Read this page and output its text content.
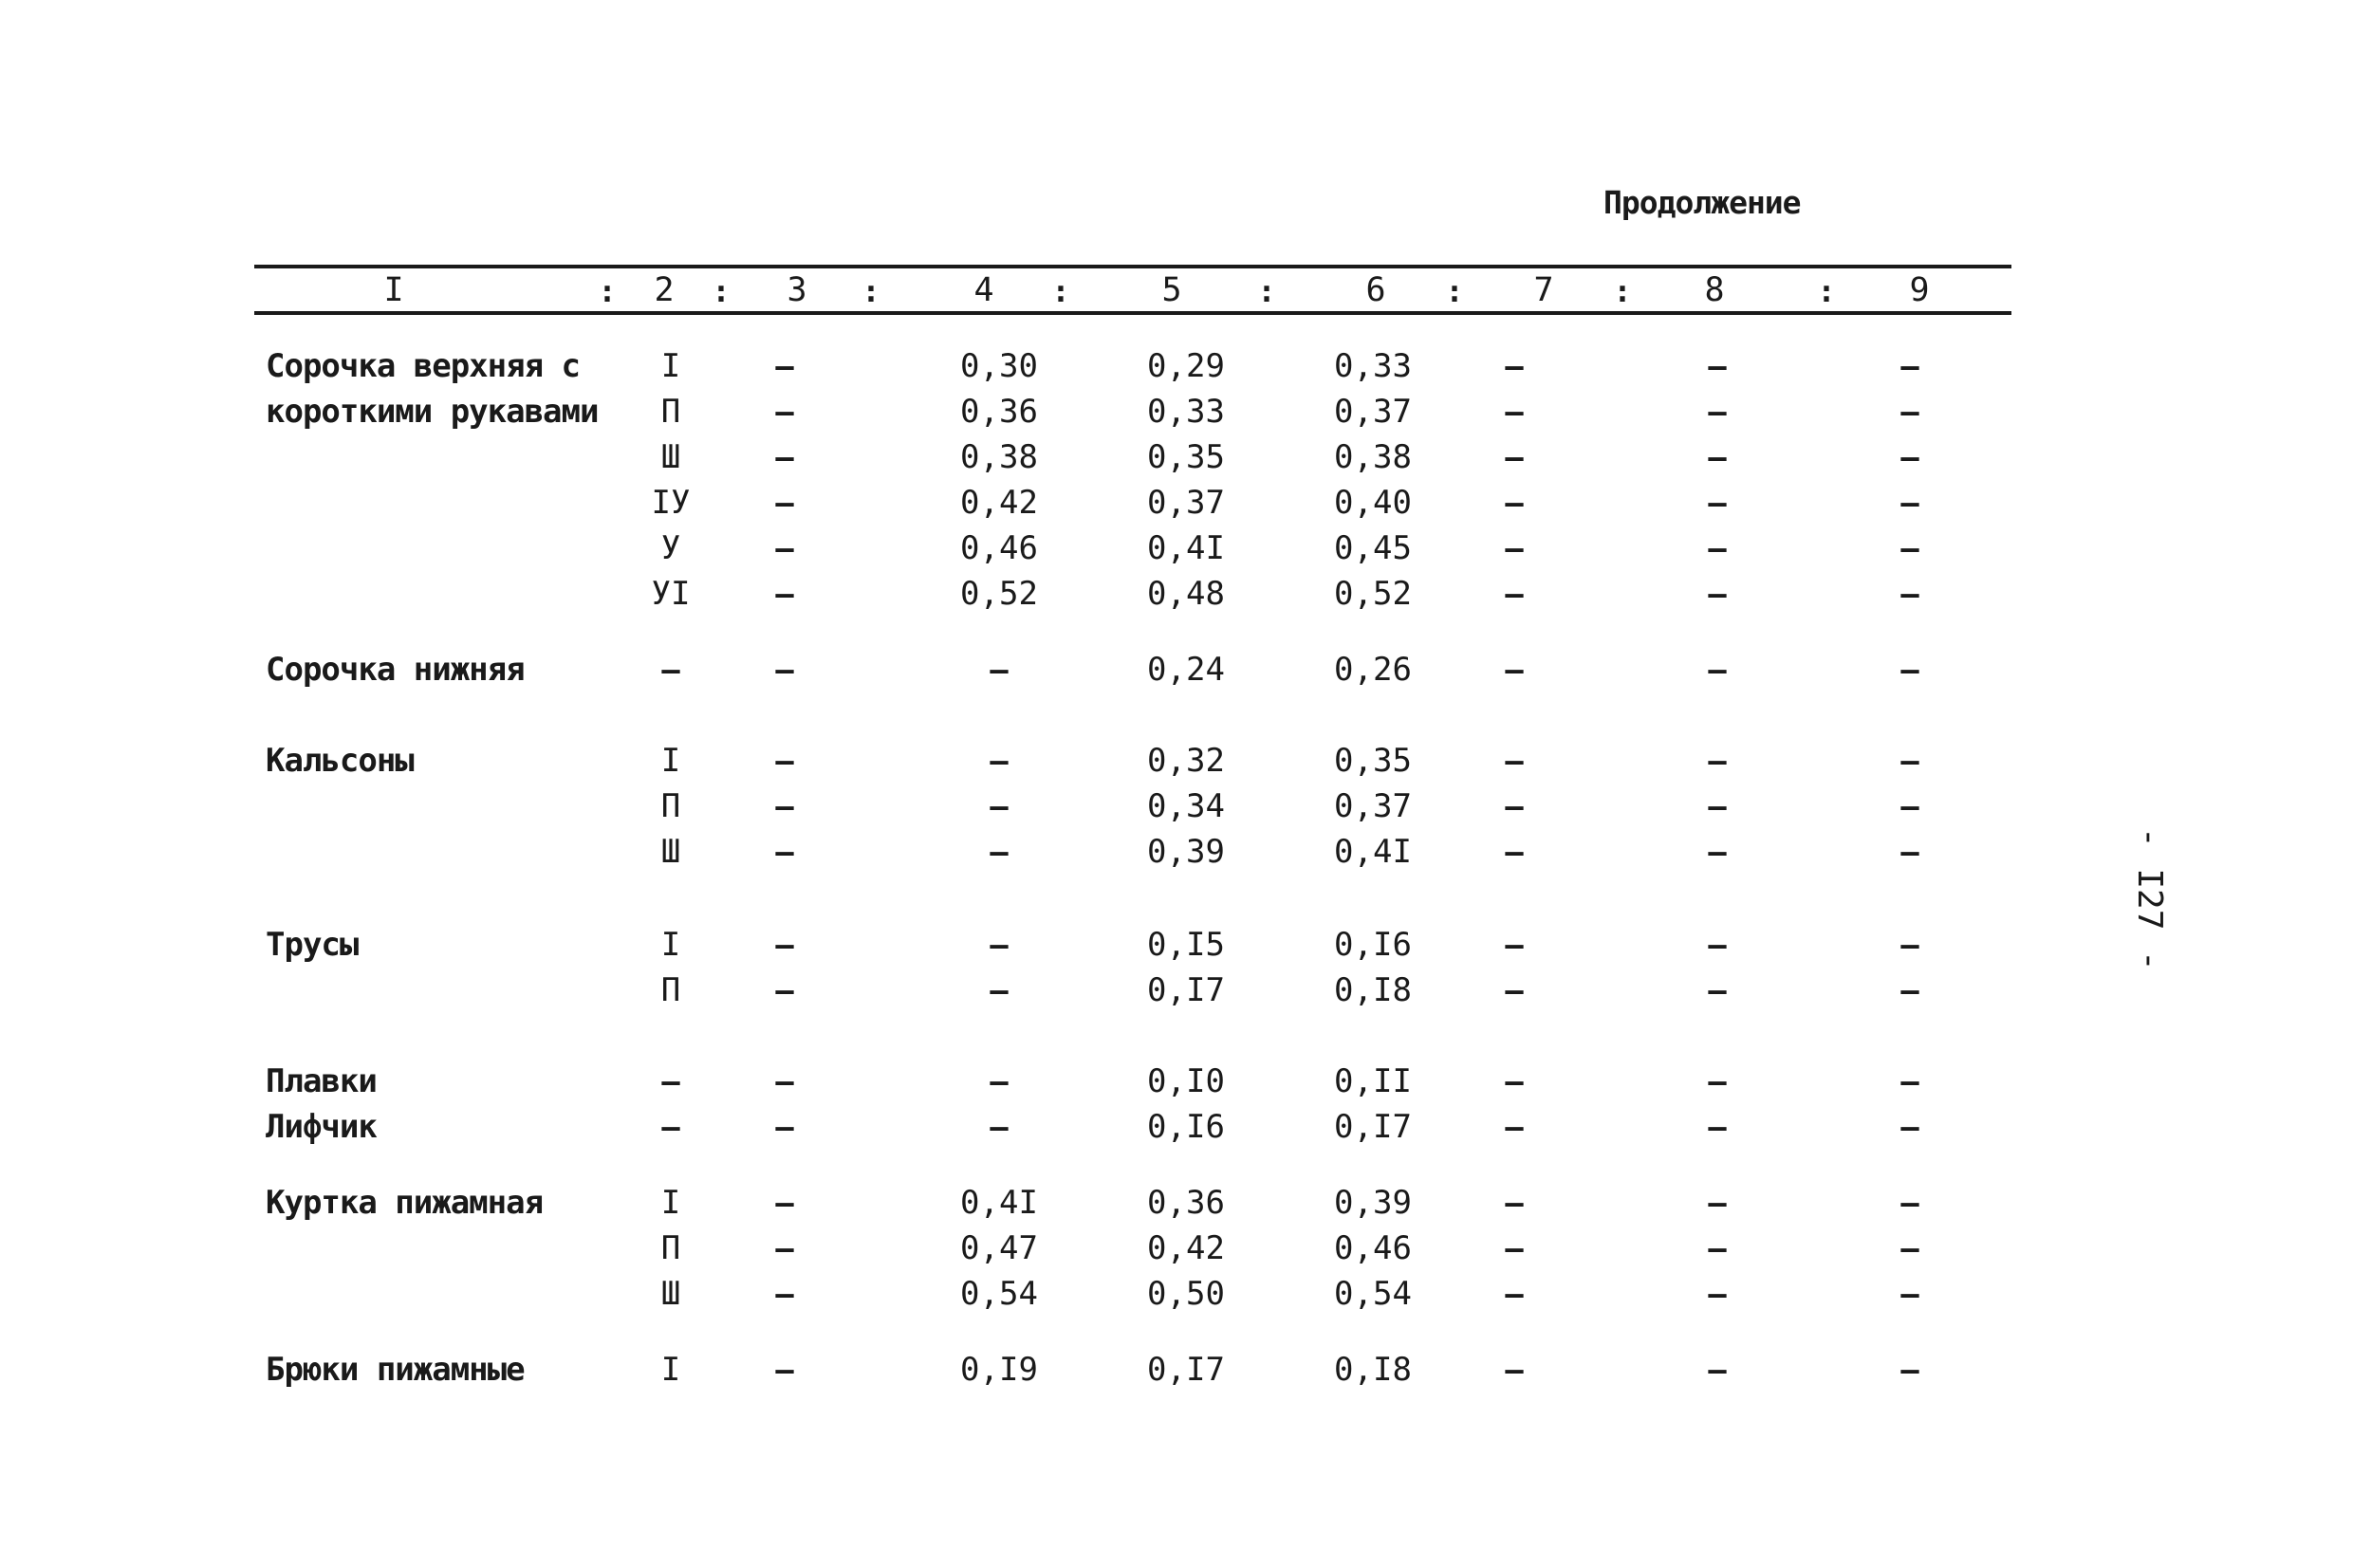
Продолжение
I	: 2 : 3 :	4 :	5 :	6 : 7 : 8	: 9
Сорочка верхняя с	I	–	0,30	0,29	0,33	–	–	–
короткими рукавами П	–	0,36	0,33	0,37	–	–	–
Ш	–	0,38	0,35	0,38	–	–	–
IУ	–	0,42	0,37	0,40	–	–	–
У	–	0,46	0,4I	0,45	–	–	–
УI	–	0,52	0,48	0,52	–	–	–
Сорочка нижняя	–	–	–	0,24	0,26	–	–	–
Кальсоны	I	–	–	0,32	0,35	–	–	–
П	–	–	0,34	0,37	–	–	–
Ш	–	–	0,39	0,4I	–	–	–
Трусы	I	–	–	0,I5	0,I6	–	–	–
П	–	–	0,I7	0,I8	–	–	–
Плавки	–	–	–	0,I0	0,II	–	–	–
Лифчик	–	–	–	0,I6	0,I7	–	–	–
Куртка пижамная	I	–	0,4I	0,36	0,39	–	–	–
П	–	0,47	0,42	0,46	–	–	–
Ш	–	0,54	0,50	0,54	–	–	–
Брюки пижамные	I	–	0,I9	0,I7	0,I8	–	–	–
- I27 -
